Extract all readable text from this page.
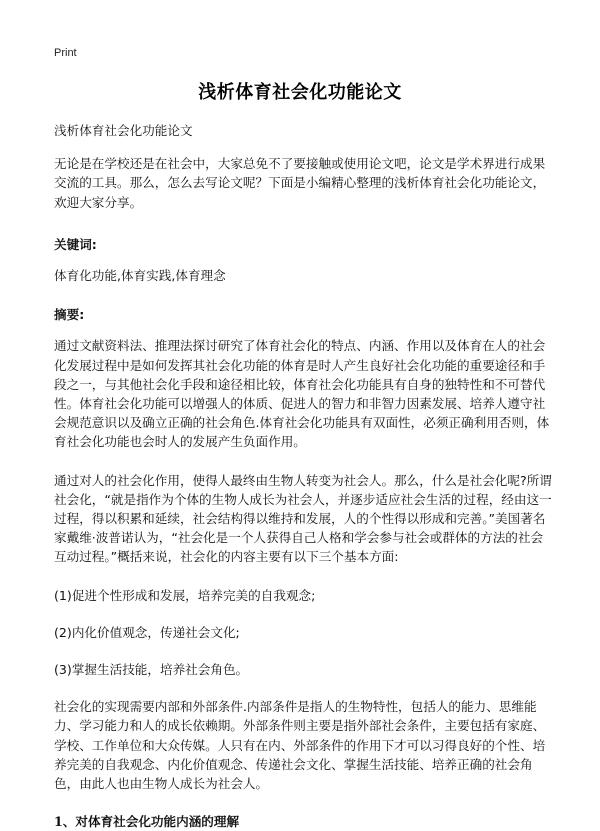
Print
浅析体育社会化功能论文

浅析体育社会化功能论文

无论是在学校还是在社会中，大家总免不了要接触或使用论文吧，论文是学术界进行成果交流的工具。那么，怎么去写论文呢？下面是小编精心整理的浅析体育社会化功能论文，欢迎大家分享。

关键词:

体育化功能,体育实践,体育理念

摘要:

通过文献资料法、推理法探讨研究了体育社会化的特点、内涵、作用以及体育在人的社会化发展过程中是如何发挥其社会化功能的体育是时人产生良好社会化功能的重要途径和手段之一，与其他社会化手段和途径相比较，体育社会化功能具有自身的独特性和不可替代性。体育社会化功能可以增强人的体质、促进人的智力和非智力因素发展、培养人遵守社会规范意识以及确立正确的社会角色.体育社会化功能具有双面性，必须正确利用否则，体育社会化功能也会时人的发展产生负面作用。

通过对人的社会化作用，使得人最终由生物人转变为社会人。那么，什么是社会化呢?所谓社会化，“就是指作为个体的生物人成长为社会人，并逐步适应社会生活的过程，经由这一过程，得以积累和延续，社会结构得以维持和发展，人的个性得以形成和完善。”美国著名家戴维·波普诺认为，“社会化是一个人获得自己人格和学会参与社会或群体的方法的社会互动过程。”概括来说，社会化的内容主要有以下三个基本方面:

(1)促进个性形成和发展，培养完美的自我观念;

(2)内化价值观念，传递社会文化;

(3)掌握生活技能，培养社会角色。

社会化的实现需要内部和外部条件.内部条件是指人的生物特性，包括人的能力、思维能力、学习能力和人的成长依赖期。外部条件则主要是指外部社会条件，主要包括有家庭、学校、工作单位和大众传媒。人只有在内、外部条件的作用下才可以习得良好的个性、培养完美的自我观念、内化价值观念、传递社会文化、掌握生活技能、培养正确的社会角色，由此人也由生物人成长为社会人。

1、对体育社会化功能内涵的理解
